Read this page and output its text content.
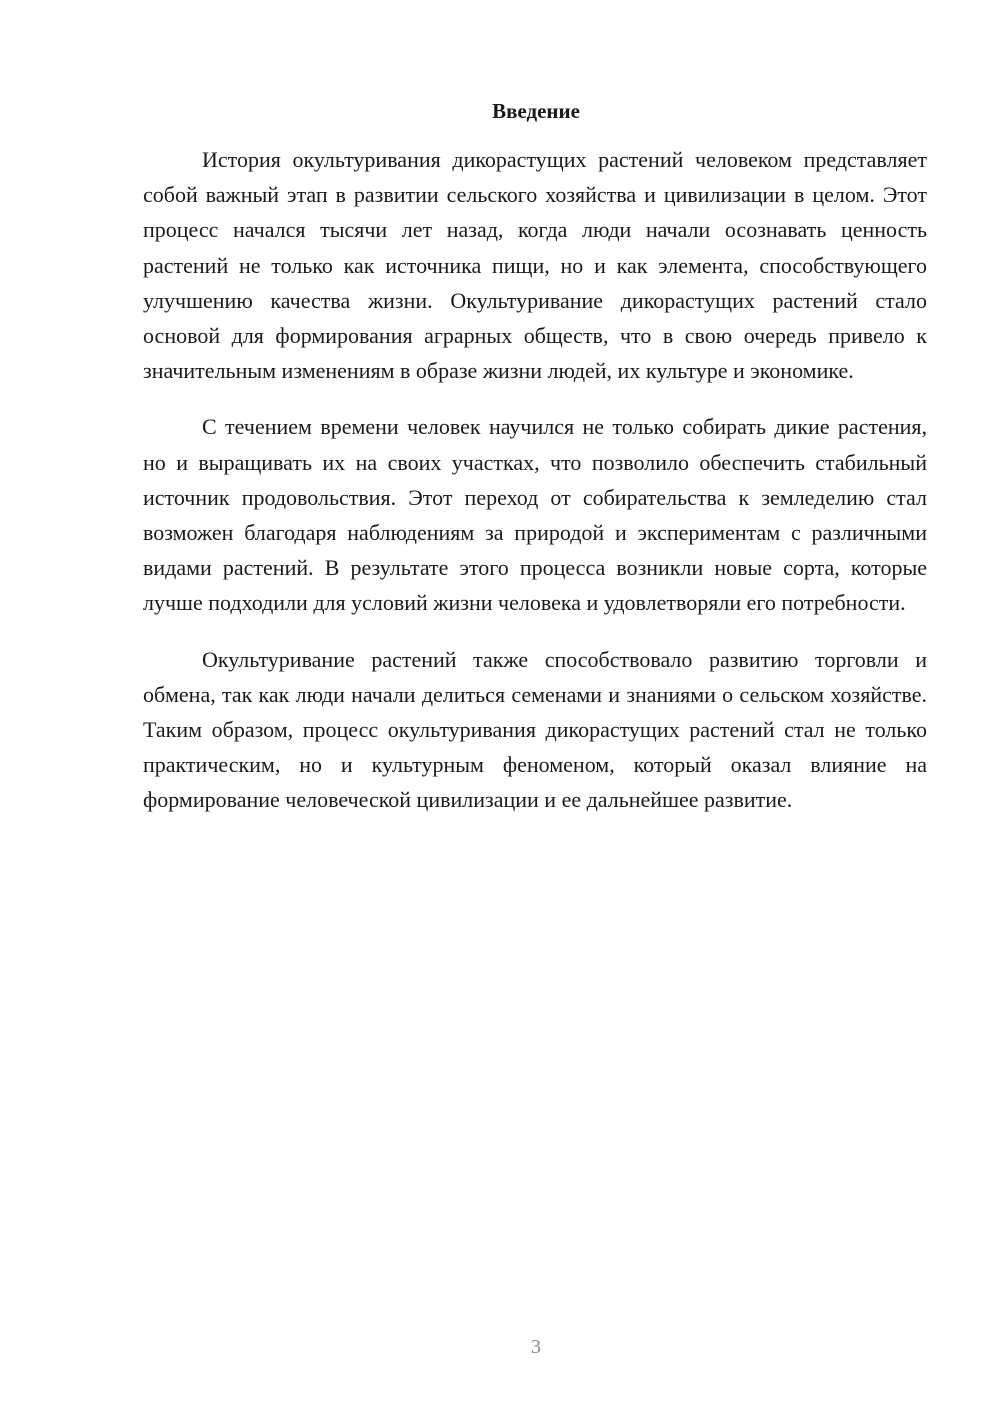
Введение

История окультуривания дикорастущих растений человеком представляет собой важный этап в развитии сельского хозяйства и цивилизации в целом. Этот процесс начался тысячи лет назад, когда люди начали осознавать ценность растений не только как источника пищи, но и как элемента, способствующего улучшению качества жизни. Окультуривание дикорастущих растений стало основой для формирования аграрных обществ, что в свою очередь привело к значительным изменениям в образе жизни людей, их культуре и экономике.

С течением времени человек научился не только собирать дикие растения, но и выращивать их на своих участках, что позволило обеспечить стабильный источник продовольствия. Этот переход от собирательства к земледелию стал возможен благодаря наблюдениям за природой и экспериментам с различными видами растений. В результате этого процесса возникли новые сорта, которые лучше подходили для условий жизни человека и удовлетворяли его потребности.

Окультуривание растений также способствовало развитию торговли и обмена, так как люди начали делиться семенами и знаниями о сельском хозяйстве. Таким образом, процесс окультуривания дикорастущих растений стал не только практическим, но и культурным феноменом, который оказал влияние на формирование человеческой цивилизации и ее дальнейшее развитие.

3
